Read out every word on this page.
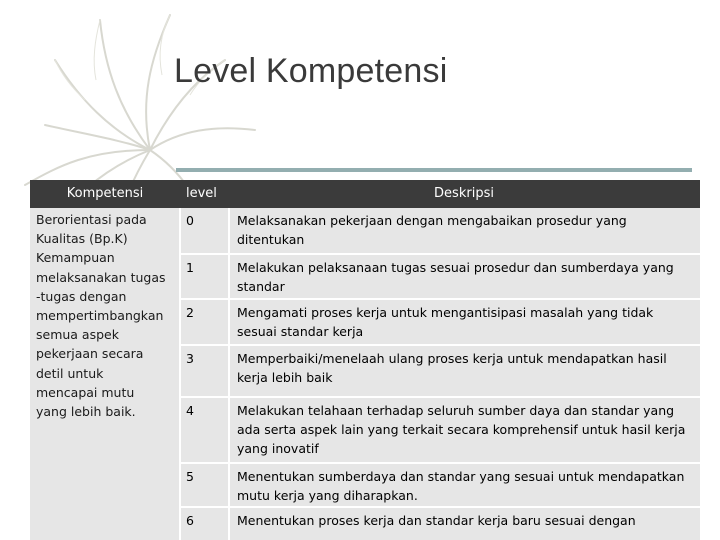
Level Kompetensi
Kompetensi	level	Deskripsi
Berorientasi pada
Kualitas (Bp.K)
Kemampuan
melaksanakan tugas
-tugas dengan
mempertimbangkan
semua aspek
pekerjaan secara
detil untuk
mencapai mutu
yang lebih baik.
0	Melaksanakan pekerjaan dengan mengabaikan prosedur yang ditentukan
1	Melakukan pelaksanaan tugas sesuai prosedur dan sumberdaya yang standar
2	Mengamati proses kerja untuk mengantisipasi masalah yang tidak sesuai standar kerja
3	Memperbaiki/menelaah ulang proses kerja untuk mendapatkan hasil kerja lebih baik
4	Melakukan telahaan terhadap seluruh sumber daya dan standar yang ada serta aspek lain yang terkait secara komprehensif untuk hasil kerja yang inovatif
5	Menentukan sumberdaya dan standar yang sesuai untuk mendapatkan mutu kerja yang diharapkan.
6	Menentukan proses kerja dan standar kerja baru sesuai dengan
